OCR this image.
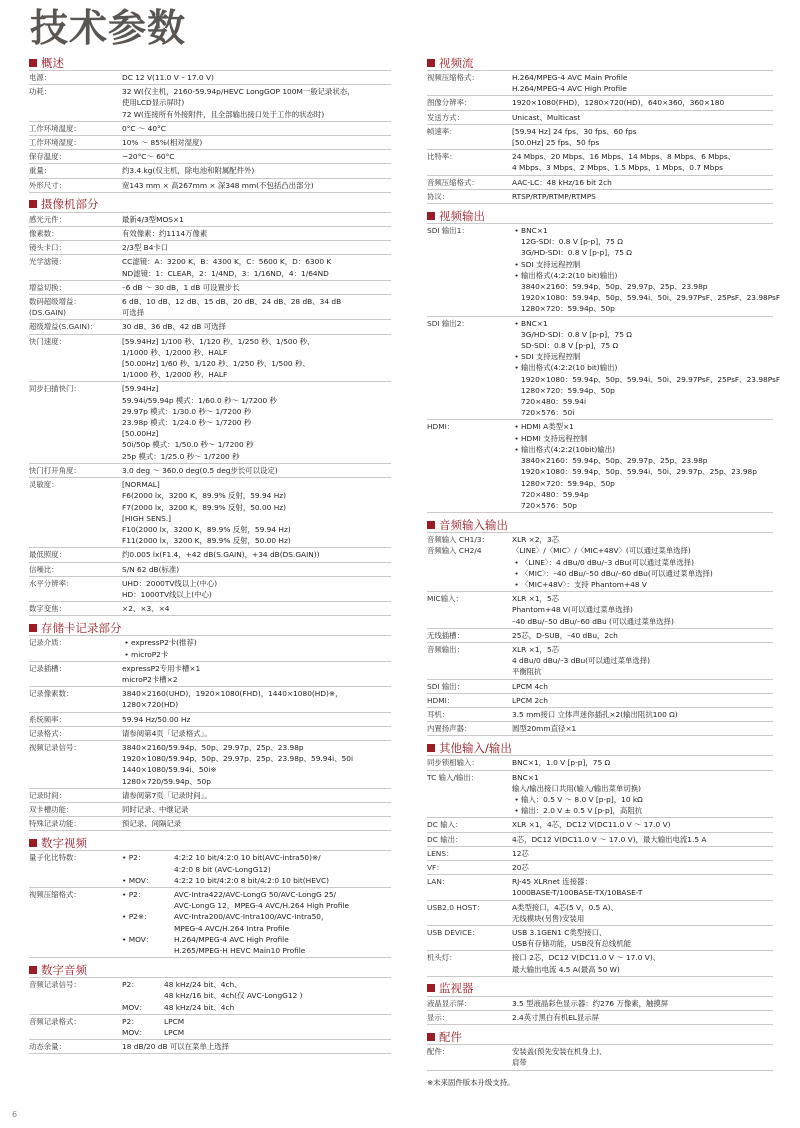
技术参数
概述
电源：	DC 12 V(11.0 V – 17.0 V)
功耗：	32 W(仅主机，2160-59.94p/HEVC LongGOP 100M一般记录状态，
使用LCD显示屏时)
72 W(连接所有外接附件，且全部输出接口处于工作的状态时)
工作环境温度：	0°C ～ 40°C
工作环境湿度：	10% ～ 85%(相对湿度)
保存温度：	−20°C～ 60°C
重量：	约3.4 kg(仅主机，除电池和附属配件外)
外形尺寸：	宽143 mm × 高267mm × 深348 mm(不包括凸出部分)
摄像机部分
感光元件：	最新4/3型MOS×1
像素数：	有效像素：约1114万像素
镜头卡口：	2/3型 B4卡口
光学滤镜：	CC滤镜：A：3200 K，B：4300 K，C：5600 K，D：6300 K
ND滤镜：1：CLEAR，2：1/4ND，3：1/16ND，4：1/64ND
增益切换：	–6 dB ～ 30 dB，1 dB 可设置步长
数码超级增益：
(DS.GAIN)
6 dB、10 dB、12 dB、15 dB、20 dB、24 dB、28 dB、34 dB
可选择
超级增益(S.GAIN)：	30 dB、36 dB、42 dB 可选择
快门速度：	[59.94Hz] 1/100 秒、1/120 秒、1/250 秒、1/500 秒、
1/1000 秒、1/2000 秒、HALF
[50.00Hz] 1/60 秒、1/120 秒、1/250 秒、1/500 秒、
1/1000 秒、1/2000 秒、HALF
同步扫描快门：	[59.94Hz]
59.94i/59.94p 模式：1/60.0 秒～ 1/7200 秒
29.97p 模式：1/30.0 秒～ 1/7200 秒
23.98p 模式：1/24.0 秒～ 1/7200 秒
[50.00Hz]
50i/50p 模式：1/50.0 秒～ 1/7200 秒
25p 模式：1/25.0 秒～ 1/7200 秒
快门打开角度：	3.0 deg ～ 360.0 deg(0.5 deg步长可以设定)
灵敏度：	[NORMAL]
F6(2000 lx，3200 K，89.9% 反射，59.94 Hz)
F7(2000 lx，3200 K，89.9% 反射，50.00 Hz)
[HIGH SENS.]
F10(2000 lx，3200 K，89.9% 反射，59.94 Hz)
F11(2000 lx，3200 K，89.9% 反射，50.00 Hz)
最低照度：	约0.005 lx(F1.4，+42 dB(S.GAIN)，+34 dB(DS.GAIN))
信噪比：	S/N 62 dB(标准)
水平分辨率：	UHD：2000TV线以上(中心)
HD：1000TV线以上(中心)
数字变焦：	×2、×3、×4
存储卡记录部分
记录介质：	• expressP2卡(推荐)
• microP2卡
记录插槽：	expressP2专用卡槽×1
microP2卡槽×2
记录像素数：	3840×2160(UHD)，1920×1080(FHD)，1440×1080(HD)※，
1280×720(HD)
系统频率：	59.94 Hz/50.00 Hz
记录格式：	请参阅第4页「记录格式」。
视频记录信号：	3840×2160/59.94p、50p、29.97p、25p、23.98p
1920×1080/59.94p、50p、29.97p、25p、23.98p、59.94i、50i
1440×1080/59.94i、50i※
1280×720/59.94p、50p
记录时间：	请参阅第7页「记录时间」。
双卡槽功能：	同时记录、中继记录
特殊记录功能：	预记录、间隔记录
数字视频
量子化比特数：	• P2：	4:2:2 10 bit/4:2:0 10 bit(AVC-intra50)※/
4:2:0 8 bit (AVC-LongG12)
• MOV：	4:2:2 10 bit/4:2:0 8 bit/4:2:0 10 bit(HEVC)
视频压缩格式：	• P2：	AVC-Intra422/AVC-LongG 50/AVC-LongG 25/
AVC-LongG 12，MPEG-4 AVC/H.264 High Profile
• P2※：	AVC-Intra200/AVC-Intra100/AVC-Intra50，
MPEG-4 AVC/H.264 Intra Profile
• MOV：	H.264/MPEG-4 AVC High Profile
H.265/MPEG-H HEVC Main10 Profile
数字音频
音频记录信号：	P2：	48 kHz/24 bit、4ch、
48 kHz/16 bit、4ch(仅 AVC-LongG12 )
MOV：	48 kHz/24 bit、4ch
音频记录格式：	P2：	LPCM
MOV：	LPCM
动态余量：	18 dB/20 dB 可以在菜单上选择
视频流
视频压缩格式：	H.264/MPEG-4 AVC Main Profile
H.264/MPEG-4 AVC High Profile
图像分辨率：	1920×1080(FHD)，1280×720(HD)，640×360，360×180
发送方式：	Unicast、Multicast
帧速率：	[59.94 Hz] 24 fps、30 fps、60 fps
[50.0Hz] 25 fps、50 fps
比特率：	24 Mbps、20 Mbps、16 Mbps、14 Mbps、8 Mbps、6 Mbps、
4 Mbps、3 Mbps、2 Mbps、1.5 Mbps、1 Mbps、0.7 Mbps
音频压缩格式：	AAC-LC：48 kHz/16 bit 2ch
协议：	RTSP/RTP/RTMP/RTMPS
视频输出
SDI 输出1：	• BNC×1
12G-SDI：0.8 V [p-p]，75 Ω
3G/HD-SDI：0.8 V [p-p]，75 Ω
• SDI 支持远程控制
• 输出格式(4:2:2(10 bit)输出)
3840×2160：59.94p、50p、29.97p、25p、23.98p
1920×1080：59.94p、50p、59.94i、50i、29.97PsF、25PsF、23.98PsF
1280×720：59.94p、50p
SDI 输出2：	• BNC×1
3G/HD-SDI：0.8 V [p-p]，75 Ω
SD-SDI：0.8 V [p-p]，75 Ω
• SDI 支持远程控制
• 输出格式(4:2:2(10 bit)输出)
1920×1080：59.94p、50p、59.94i、50i、29.97PsF、25PsF、23.98PsF
1280×720：59.94p、50p
720×480：59.94i
720×576：50i
HDMI：	• HDMI A类型×1
• HDMI 支持远程控制
• 输出格式(4:2:2(10bit)输出)
3840×2160：59.94p、50p、29.97p、25p、23.98p
1920×1080：59.94p、50p、59.94i、50i、29.97p、25p、23.98p
1280×720：59.94p、50p
720×480：59.94p
720×576：50p
音频输入输出
音频输入 CH1/3：
音频输入 CH2/4
XLR ×2，3芯
〈LINE〉/〈MIC〉/〈MIC+48V〉(可以通过菜单选择)
• 〈LINE〉：4 dBu/0 dBu/–3 dBu(可以通过菜单选择)
• 〈MIC〉：–40 dBu/–50 dBu/–60 dBu(可以通过菜单选择)
• 〈MIC+48V〉：支持 Phantom+48 V
MIC输入：	XLR ×1，5芯
Phantom+48 V(可以通过菜单选择)
–40 dBu/–50 dBu/–60 dBu (可以通过菜单选择)
无线插槽：	25芯，D-SUB，–40 dBu，2ch
音频输出：	XLR ×1，5芯
4 dBu/0 dBu/–3 dBu(可以通过菜单选择)
平衡阻抗
SDI 输出：	LPCM 4ch
HDMI：	LPCM 2ch
耳机：	3.5 mm接口 立体声迷你插孔×2(输出阻抗100 Ω)
内置扬声器：	圆型20mm直径×1
其他输入/输出
同步锁相输入：	BNC×1，1.0 V [p-p]，75 Ω
TC 输入/输出：	BNC×1
输入/输出接口共用(输入/输出菜单切换)
• 输入：0.5 V ～ 8.0 V [p-p]，10 kΩ
• 输出：2.0 V ± 0.5 V [p-p]，高阻抗
DC 输入：	XLR ×1，4芯，DC12 V(DC11.0 V ～ 17.0 V)
DC 输出：	4芯，DC12 V(DC11.0 V ～ 17.0 V)，最大输出电流1.5 A
LENS：	12芯
VF：	20芯
LAN：	RJ-45 XLRnet 连接器：
1000BASE-T/100BASE-TX/10BASE-T
USB2.0 HOST：	A类型接口，4芯(5 V，0.5 A)、
无线模块(另售)安装用
USB DEVICE：	USB 3.1GEN1 C类型接口、
USB有存储功能，USB没有总线机能
机头灯：	接口 2芯，DC12 V(DC11.0 V ～ 17.0 V)、
最大输出电流 4.5 A(最高 50 W)
监视器
液晶显示屏：	3.5 型液晶彩色显示器：约276 万像素，触摸屏
显示：	2.4英寸黑白有机EL显示屏
配件
配件：	安装盖(预先安装在机身上)、
肩带
※未来固件版本升级支持。
6
